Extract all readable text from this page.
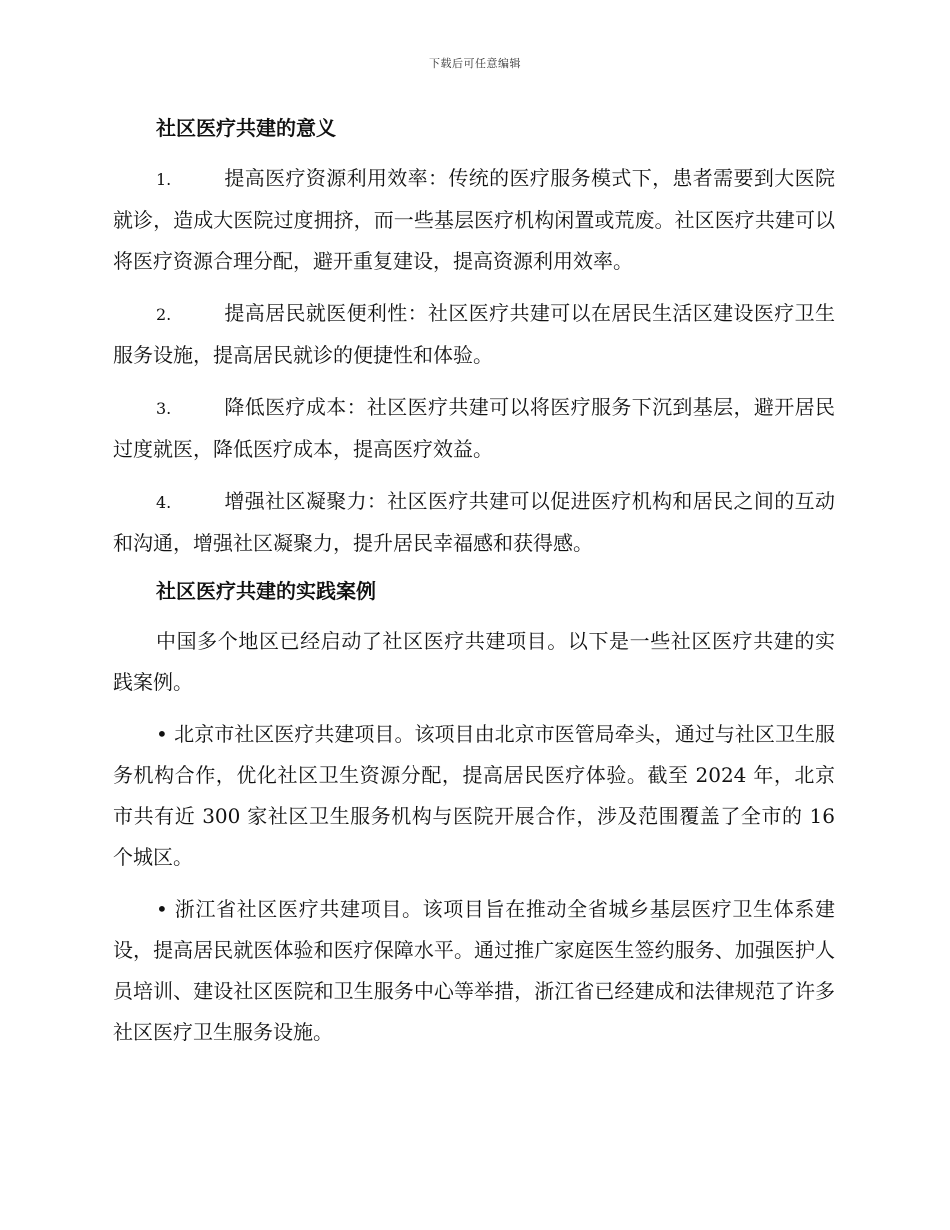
下载后可任意编辑
社区医疗共建的意义

1.	提高医疗资源利用效率：传统的医疗服务模式下，患者需要到大医院就诊，造成大医院过度拥挤，而一些基层医疗机构闲置或荒废。社区医疗共建可以将医疗资源合理分配，避开重复建设，提高资源利用效率。

2.	提高居民就医便利性：社区医疗共建可以在居民生活区建设医疗卫生服务设施，提高居民就诊的便捷性和体验。

3.	降低医疗成本：社区医疗共建可以将医疗服务下沉到基层，避开居民过度就医，降低医疗成本，提高医疗效益。

4.	增强社区凝聚力：社区医疗共建可以促进医疗机构和居民之间的互动和沟通，增强社区凝聚力，提升居民幸福感和获得感。

社区医疗共建的实践案例

中国多个地区已经启动了社区医疗共建项目。以下是一些社区医疗共建的实践案例。

• 北京市社区医疗共建项目。该项目由北京市医管局牵头，通过与社区卫生服务机构合作，优化社区卫生资源分配，提高居民医疗体验。截至 2024 年，北京市共有近 300 家社区卫生服务机构与医院开展合作，涉及范围覆盖了全市的 16 个城区。

• 浙江省社区医疗共建项目。该项目旨在推动全省城乡基层医疗卫生体系建设，提高居民就医体验和医疗保障水平。通过推广家庭医生签约服务、加强医护人员培训、建设社区医院和卫生服务中心等举措，浙江省已经建成和法律规范了许多社区医疗卫生服务设施。
